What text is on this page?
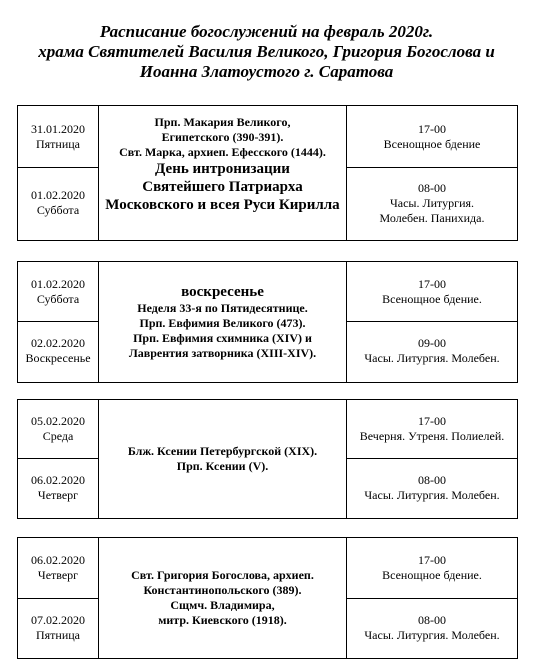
Расписание богослужений на февраль 2020г.
храма Святителей Василия Великого, Григория Богослова и
Иоанна Златоустого г. Саратова
31.01.2020
Пятница
01.02.2020
Суббота
Прп. Макария Великого,
Египетского (390-391).
Свт. Марка, архиеп. Ефесского (1444).
День интронизации
Святейшего Патриарха
Московского и всея Руси Кирилла
17-00
Всенощное бдение
08-00
Часы. Литургия.
Молебен. Панихида.
01.02.2020
Суббота
02.02.2020
Воскресенье
воскресенье
Неделя 33-я по Пятидесятнице.
Прп. Евфимия Великого (473).
Прп. Евфимия схимника (XIV) и
Лаврентия затворника (XIII-XIV).
17-00
Всенощное бдение.
09-00
Часы. Литургия. Молебен.
05.02.2020
Среда
06.02.2020
Четверг
Блж. Ксении Петербургской (XIX).
Прп. Ксении (V).
17-00
Вечерня. Утреня. Полиелей.
08-00
Часы. Литургия. Молебен.
06.02.2020
Четверг
07.02.2020
Пятница
Свт. Григория Богослова, архиеп.
Константинопольского (389).
Сщмч. Владимира,
митр. Киевского (1918).
17-00
Всенощное бдение.
08-00
Часы. Литургия. Молебен.
